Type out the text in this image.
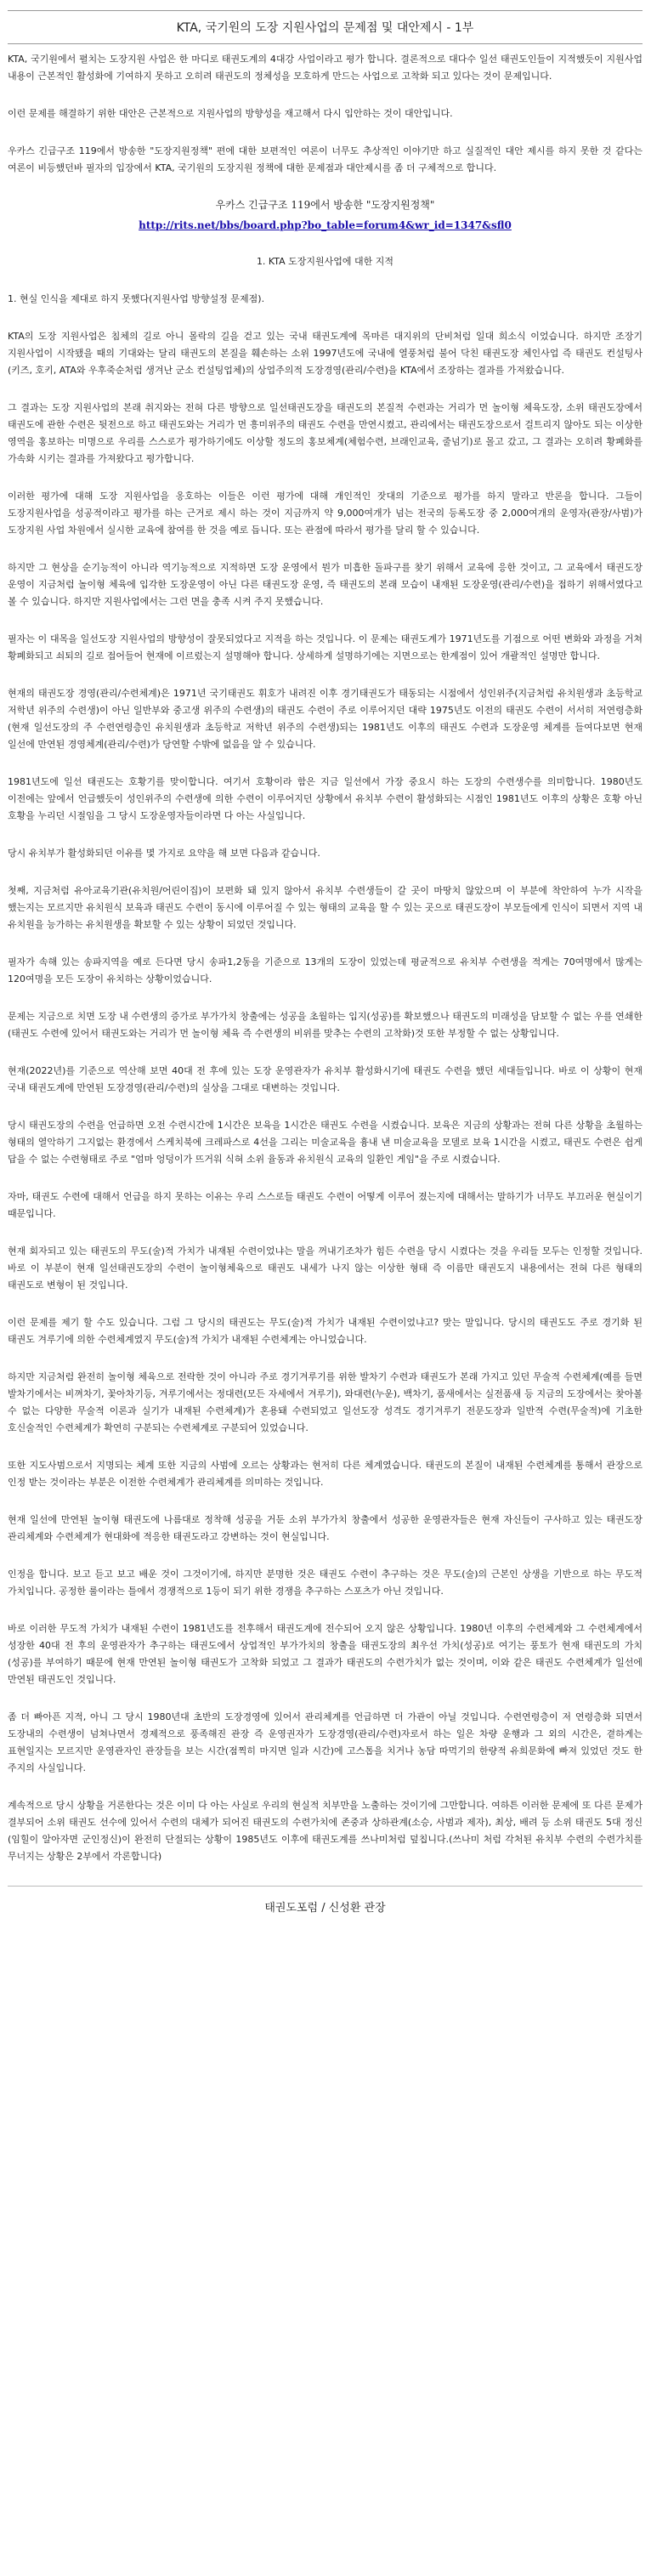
KTA, 국기원의 도장 지원사업의 문제점 및 대안제시 - 1부

KTA, 국기원에서 펼치는 도장지원 사업은 한 마디로 태권도계의 4대강 사업이라고 평가 합니다. 결론적으로 대다수 일선 태권도인들이 지적했듯이 지원사업 내용이 근본적인 활성화에 기여하지 못하고 오히려 태권도의 정체성을 모호하게 만드는 사업으로 고착화 되고 있다는 것이 문제입니다.

이런 문제를 해결하기 위한 대안은 근본적으로 지원사업의 방향성을 재고해서 다시 입안하는 것이 대안입니다.

우카스 긴급구조 119에서 방송한 "도장지원정책" 편에 대한 보편적인 여론이 너무도 추상적인 이야기만 하고 실질적인 대안 제시를 하지 못한 것 같다는 여론이 비등했던바 필자의 입장에서 KTA, 국기원의 도장지원 정책에 대한 문제점과 대안제시를 좀 더 구체적으로 합니다.

우카스 긴급구조 119에서 방송한 "도장지원정책"
http://rits.net/bbs/board.php?bo_table=forum4&wr_id=1347&sfl0

1. KTA 도장지원사업에 대한 지적

1. 현실 인식을 제대로 하지 못했다(지원사업 방향설정 문제점).

KTA의 도장 지원사업은 침체의 길로 아니 몰락의 길을 걷고 있는 국내 태권도계에 목마른 대지위의 단비처럼 일대 희소식 이었습니다. 하지만 조장기 지원사업이 시작됐을 때의 기대와는 달리 태권도의 본질을 훼손하는 소위 1997년도에 국내에 열풍처럼 불어 닥친 태권도장 체인사업 즉 태권도 컨설팅사(키즈, 호키, ATA와 우후죽순처럼 생겨난 군소 컨설팅업체)의 상업주의적 도장경영(관리/수련)을 KTA에서 조장하는 결과를 가져왔습니다.

그 결과는 도장 지원사업의 본래 취지와는 전혀 다른 방향으로 일선태권도장을 태권도의 본질적 수련과는 거리가 먼 놀이형 체육도장, 소위 태권도장에서 태권도에 관한 수련은 뒷전으로 하고 태권도와는 거리가 먼 흥미위주의 태권도 수련을 만연시켰고, 관리에서는 태권도장으로서 걸트리지 않아도 되는 이상한 영역을 홍보하는 미명으로 우리를 스스로가 평가하기에도 이상할 정도의 홍보체계(체험수련, 브래인교육, 줄넘기)로 몰고 갔고, 그 결과는 오히려 황폐화를 가속화 시키는 결과를 가져왔다고 평가합니다.

이러한 평가에 대해 도장 지원사업을 옹호하는 이들은 이런 평가에 대해 개인적인 잣대의 기준으로 평가를 하지 말라고 반론을 합니다. 그들이 도장지원사업을 성공적이라고 평가를 하는 근거로 제시 하는 것이 지금까지 약 9,000여개가 넘는 전국의 등록도장 중 2,000여개의 운영자(관장/사범)가 도장지원 사업 차원에서 실시한 교육에 참여를 한 것을 예로 듭니다. 또는 관점에 따라서 평가를 달리 할 수 있습니다.

하지만 그 현상을 순기능적이 아니라 역기능적으로 지적하면 도장 운영에서 뭔가 미흡한 돌파구를 찾기 위해서 교육에 응한 것이고, 그 교육에서 태권도장 운영이 지금처럼 놀이형 체육에 입각한 도장운영이 아닌 다른 태권도장 운영, 즉 태권도의 본래 모습이 내재된 도장운영(관리/수련)을 접하기 위해서였다고 볼 수 있습니다. 하지만 지원사업에서는 그런 면을 충족 시켜 주지 못했습니다.

필자는 이 대목을 일선도장 지원사업의 방향성이 잘못되었다고 지적을 하는 것입니다. 이 문제는 태권도계가 1971년도를 기점으로 어떤 변화와 과정을 거쳐 황폐화되고 쇠퇴의 길로 접어들어 현재에 이르렀는지 설명해야 합니다. 상세하게 설명하기에는 지면으로는 한계점이 있어 개괄적인 설명만 합니다.

현재의 태권도장 경영(관리/수련체계)은 1971년 국기태권도 휘호가 내려진 이후 경기태권도가 태동되는 시점에서 성인위주(지금처럼 유치원생과 초등학교 저학년 위주의 수련생)이 아닌 일반부와 중고생 위주의 수련생)의 태권도 수련이 주로 이루어지던 대략 1975년도 이전의 태권도 수련이 서서히 저연령층화(현재 일선도장의 주 수련연령층인 유치원생과 초등학교 저학년 위주의 수련생)되는 1981년도 이후의 태권도 수련과 도장운영 체계를 들여다보면 현재 일선에 만연된 경영체계(관리/수련)가 당연할 수밖에 없음을 알 수 있습니다.

1981년도에 일선 태권도는 호황기를 맞이합니다. 여기서 호황이라 함은 지금 일선에서 가장 중요시 하는 도장의 수련생수를 의미합니다. 1980년도 이전에는 앞에서 언급했듯이 성인위주의 수련생에 의한 수련이 이루어지던 상황에서 유치부 수련이 활성화되는 시점인 1981년도 이후의 상황은 호황 아닌 호황을 누리던 시절임을 그 당시 도장운영자들이라면 다 아는 사실입니다.

당시 유치부가 활성화되던 이유를 몇 가지로 요약을 해 보면 다음과 같습니다.

첫째, 지금처럼 유아교육기관(유치원/어린이집)이 보편화 돼 있지 않아서 유치부 수련생들이 갈 곳이 마땅치 않았으며 이 부분에 착안하여 누가 시작을 했는지는 모르지만 유치원식 보육과 태권도 수련이 동시에 이루어질 수 있는 형태의 교육을 할 수 있는 곳으로 태권도장이 부모들에게 인식이 되면서 지역 내 유치원을 능가하는 유치원생을 확보할 수 있는 상황이 되었던 것입니다.

필자가 속해 있는 송파지역을 예로 든다면 당시 송파1,2동을 기준으로 13개의 도장이 있었는데 평균적으로 유치부 수련생을 적게는 70여명에서 많게는 120여명을 모든 도장이 유치하는 상황이었습니다.

문제는 지금으로 치면 도장 내 수련생의 증가로 부가가치 창출에는 성공을 초월하는 입지(성공)를 확보했으나 태권도의 미래성을 담보할 수 없는 우를 연쇄한(태권도 수련에 있어서 태권도와는 거리가 먼 놀이형 체육 즉 수련생의 비위를 맞추는 수련의 고착화)것 또한 부정할 수 없는 상황입니다.

현재(2022년)를 기준으로 역산해 보면 40대 전 후에 있는 도장 운영관자가 유치부 활성화시기에 태권도 수련을 했던 세대들입니다. 바로 이 상황이 현재 국내 태권도계에 만연된 도장경영(관리/수련)의 실상을 그대로 대변하는 것입니다.

당시 태권도장의 수련을 언급하면 오전 수련시간에 1시간은 보육을 1시간은 태권도 수련을 시켰습니다. 보육은 지금의 상황과는 전혀 다른 상황을 초월하는 형태의 열악하기 그지없는 환경에서 스케치북에 크레파스로 4선을 그리는 미술교육을 흉내 낸 미술교육을 모델로 보육 1시간을 시켰고, 태권도 수련은 쉽게 답을 수 없는 수련형태로 주로 "엄마 엉덩이가 뜨거워 식혀 소위 율동과 유치원식 교육의 일환인 게임"을 주로 시켰습니다.

자마, 태권도 수련에 대해서 언급을 하지 못하는 이유는 우리 스스로들 태권도 수련이 어떻게 이루어 졌는지에 대해서는 말하기가 너무도 부끄러운 현실이기 때문입니다.

현재 회자되고 있는 태권도의 무도(술)적 가치가 내재된 수련이었냐는 말을 꺼내기조차가 힘든 수련을 당시 시켰다는 것을 우리들 모두는 인정할 것입니다. 바로 이 부분이 현재 일선태권도장의 수련이 놀이형체육으로 태권도 내세가 나지 않는 이상한 형태 즉 이름만 태권도지 내용에서는 전혀 다른 형태의 태권도로 변형이 된 것입니다.

이런 문제를 제기 할 수도 있습니다. 그럼 그 당시의 태권도는 무도(술)적 가치가 내재된 수련이었냐고? 맞는 말입니다. 당시의 태권도도 주로 경기화 된 태권도 겨루기에 의한 수련체계였지 무도(술)적 가치가 내재된 수련체계는 아니었습니다.

하지만 지금처럼 완전히 놀이형 체육으로 전락한 것이 아니라 주로 경기겨루기를 위한 발차기 수련과 태권도가 본래 가지고 있던 무술적 수련체계(예를 들면 발차기에서는 비껴차기, 꽃아차기등, 겨루기에서는 정대련(모든 자세에서 겨루기), 와대련(누운), 백차기, 품새에서는 실전품새 등 지금의 도장에서는 찾아볼 수 없는 다양한 무술적 이론과 실기가 내재된 수련체계)가 혼용돼 수련되었고 일선도장 성격도 경기겨루기 전문도장과 일반적 수련(무술적)에 기초한 호신술적인 수련체계가 확연히 구분되는 수련체계로 구분되어 있었습니다.

또한 지도사범으로서 지명되는 체계 또한 지금의 사범에 오르는 상황과는 현저히 다른 체계였습니다. 태권도의 본질이 내재된 수련체계를 통해서 관장으로 인정 받는 것이라는 부분은 이전한 수련체계가 관리체계를 의미하는 것입니다.

현재 일선에 만연된 놀이형 태권도에 나름대로 정착해 성공을 거둔 소위 부가가치 창출에서 성공한 운영관자들은 현재 자신들이 구사하고 있는 태권도장 관리체계와 수련체계가 현대화에 적응한 태권도라고 강변하는 것이 현실입니다.

인정을 합니다. 보고 듣고 보고 배운 것이 그것이기에, 하지만 분명한 것은 태권도 수련이 추구하는 것은 무도(술)의 근본인 상생을 기반으로 하는 무도적 가치입니다. 공정한 룰이라는 틀에서 경쟁적으로 1등이 되기 위한 경쟁을 추구하는 스포츠가 아닌 것입니다.

바로 이러한 무도적 가치가 내재된 수련이 1981년도를 전후해서 태권도계에 전수되어 오지 않은 상황입니다. 1980년 이후의 수련체계와 그 수련체계에서 성장한 40대 전 후의 운영관자가 추구하는 태권도에서 상업적인 부가가치의 창출을 태권도장의 최우선 가치(성공)로 여기는 풍토가 현재 태권도의 가치(성공)를 부여하기 때문에 현재 만연된 놀이형 태권도가 고착화 되었고 그 결과가 태권도의 수련가치가 없는 것이며, 이와 같은 태권도 수련체계가 일선에 만연된 태권도인 것입니다.

좀 더 빠아픈 지적, 아니 그 당시 1980년대 초반의 도장경영에 있어서 관리체계를 언급하면 더 가관이 아닐 것입니다. 수련연령층이 저 연령층화 되면서 도장내의 수련생이 넘쳐나면서 경제적으로 풍족해진 관장 즉 운영권자가 도장경영(관리/수련)자로서 하는 일은 차량 운행과 그 외의 시간은, 곁하게는 표현일지는 모르지만 운영관자인 관장들을 보는 시간(점찍히 마지면 일과 시간)에 고스톱을 치거나 농담 따먹기의 한량적 유희문화에 빠져 있었던 것도 한 주지의 사실입니다.

계속적으로 당시 상황을 거론한다는 것은 이미 다 아는 사실로 우리의 현실적 치부만을 노출하는 것이기에 그만합니다. 여하튼 이러한 문제에 또 다른 문제가 결부되어 소위 태권도 선수에 있어서 수련의 대체가 되어진 태권도의 수련가치에 존중과 상하관계(소승, 사범과 제자), 최상, 배려 등 소위 태권도 5대 정신(임힐이 알아자면 군인정신)이 완전히 단절되는 상황이 1985년도 이후에 태권도계를 쓰나미처럼 덮칩니다.(쓰나미 처럼 각처된 유치부 수련의 수련가치를 무너지는 상황은 2부에서 각론합니다)

태권도포럼 / 신성환 관장
